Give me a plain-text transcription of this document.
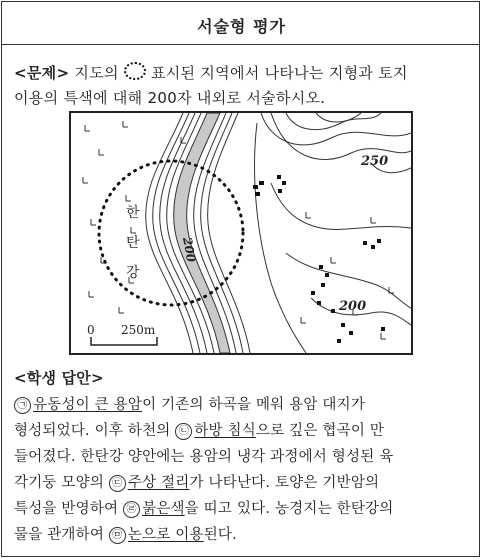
서술형 평가
<문제> 지도의 표시된 지역에서 나타나는 지형과 토지
이용의 특색에 대해 200자 내외로 서술하시오.
한
탄
강
250
200
200
0 250m
<학생 답안>
㉠ 유동성이 큰 용암이 기존의 하곡을 메워 용암 대지가
형성되었다. 이후 하천의 ㉡ 하방 침식으로 깊은 협곡이 만
들어졌다. 한탄강 양안에는 용암의 냉각 과정에서 형성된 육
각기둥 모양의 ㉢ 주상 절리가 나타난다. 토양은 기반암의
특성을 반영하여 ㉣ 붉은색을 띠고 있다. 농경지는 한탄강의
물을 관개하여 ㉤ 논으로 이용된다.
